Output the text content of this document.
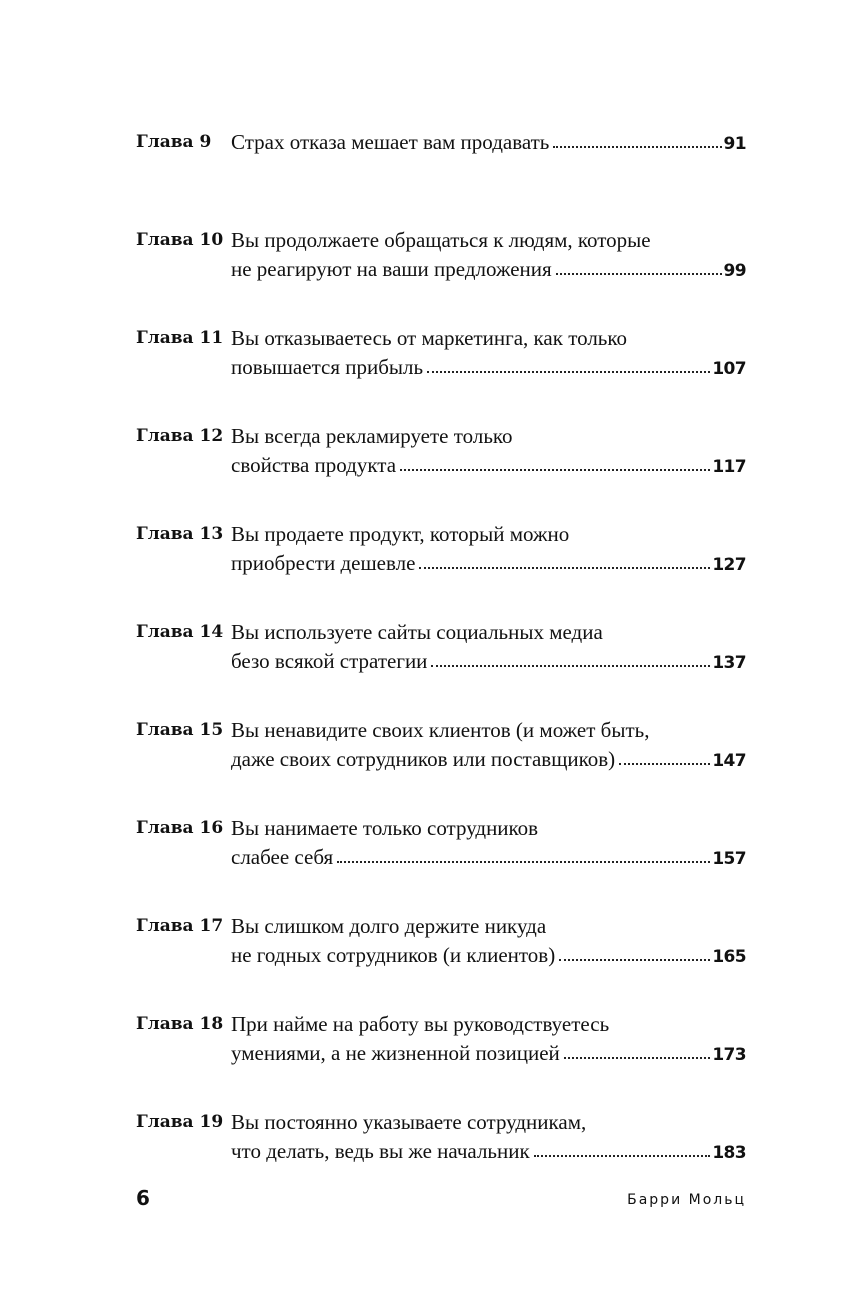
Глава 9 Страх отказа мешает вам продавать	91
Глава 10 Вы продолжаете обращаться к людям, которые
не реагируют на ваши предложения	99
Глава 11 Вы отказываетесь от маркетинга, как только
повышается прибыль	107
Глава 12 Вы всегда рекламируете только
свойства продукта	117
Глава 13 Вы продаете продукт, который можно
приобрести дешевле	127
Глава 14 Вы используете сайты социальных медиа
безо всякой стратегии	137
Глава 15 Вы ненавидите своих клиентов (и может быть,
даже своих сотрудников или поставщиков)	147
Глава 16 Вы нанимаете только сотрудников
слабее себя	157
Глава 17 Вы слишком долго держите никуда
не годных сотрудников (и клиентов)	165
Глава 18 При найме на работу вы руководствуетесь
умениями, а не жизненной позицией	173
Глава 19 Вы постоянно указываете сотрудникам,
что делать, ведь вы же начальник	183
6	Барри Мольц
